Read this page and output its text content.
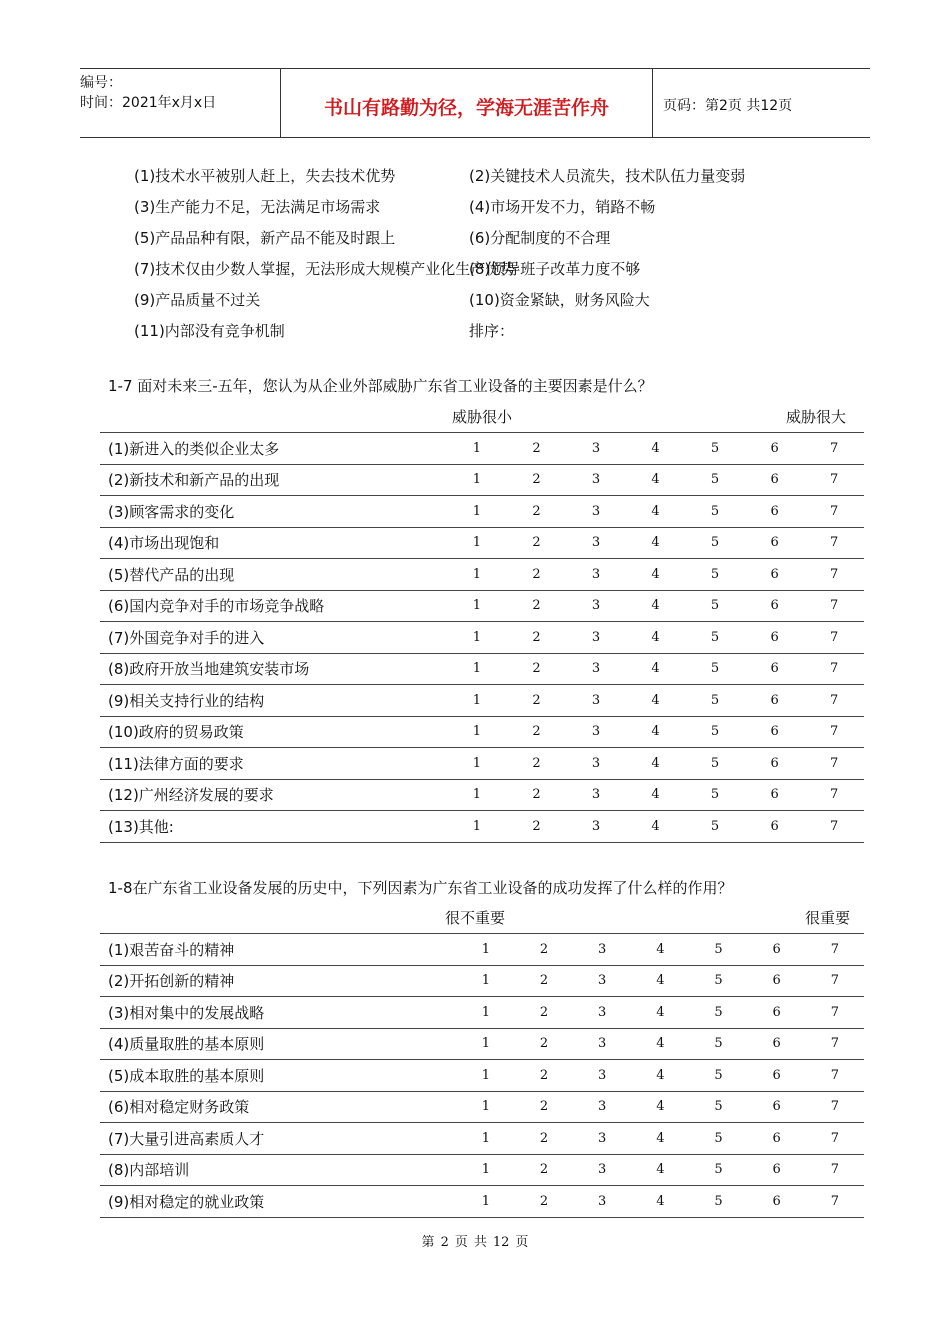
编号：
时间：2021年x月x日	书山有路勤为径，学海无涯苦作舟	页码：第2页 共12页
(1)技术水平被别人赶上，失去技术优势	(2)关键技术人员流失，技术队伍力量变弱
(3)生产能力不足，无法满足市场需求	(4)市场开发不力，销路不畅
(5)产品品种有限，新产品不能及时跟上	(6)分配制度的不合理
(7)技术仅由少数人掌握，无法形成大规模产业化生产优势
(8)领导班子改革力度不够
(9)产品质量不过关	(10)资金紧缺，财务风险大
(11)内部没有竞争机制	排序：
1-7 面对未来三-五年，您认为从企业外部威胁广东省工业设备的主要因素是什么？
威胁很小	威胁很大
(1)新进入的类似企业太多	1	2	3	4	5	6	7
(2)新技术和新产品的出现	1	2	3	4	5	6	7
(3)顾客需求的变化	1	2	3	4	5	6	7
(4)市场出现饱和	1	2	3	4	5	6	7
(5)替代产品的出现	1	2	3	4	5	6	7
(6)国内竞争对手的市场竞争战略	1	2	3	4	5	6	7
(7)外国竞争对手的进入	1	2	3	4	5	6	7
(8)政府开放当地建筑安装市场	1	2	3	4	5	6	7
(9)相关支持行业的结构	1	2	3	4	5	6	7
(10)政府的贸易政策	1	2	3	4	5	6	7
(11)法律方面的要求	1	2	3	4	5	6	7
(12)广州经济发展的要求	1	2	3	4	5	6	7
(13)其他:	1	2	3	4	5	6	7
1-8在广东省工业设备发展的历史中，下列因素为广东省工业设备的成功发挥了什么样的作用？
很不重要	很重要
(1)艰苦奋斗的精神	1	2	3	4	5	6	7
(2)开拓创新的精神	1	2	3	4	5	6	7
(3)相对集中的发展战略	1	2	3	4	5	6	7
(4)质量取胜的基本原则	1	2	3	4	5	6	7
(5)成本取胜的基本原则	1	2	3	4	5	6	7
(6)相对稳定财务政策	1	2	3	4	5	6	7
(7)大量引进高素质人才	1	2	3	4	5	6	7
(8)内部培训	1	2	3	4	5	6	7
(9)相对稳定的就业政策	1	2	3	4	5	6	7
第 2 页 共 12 页
